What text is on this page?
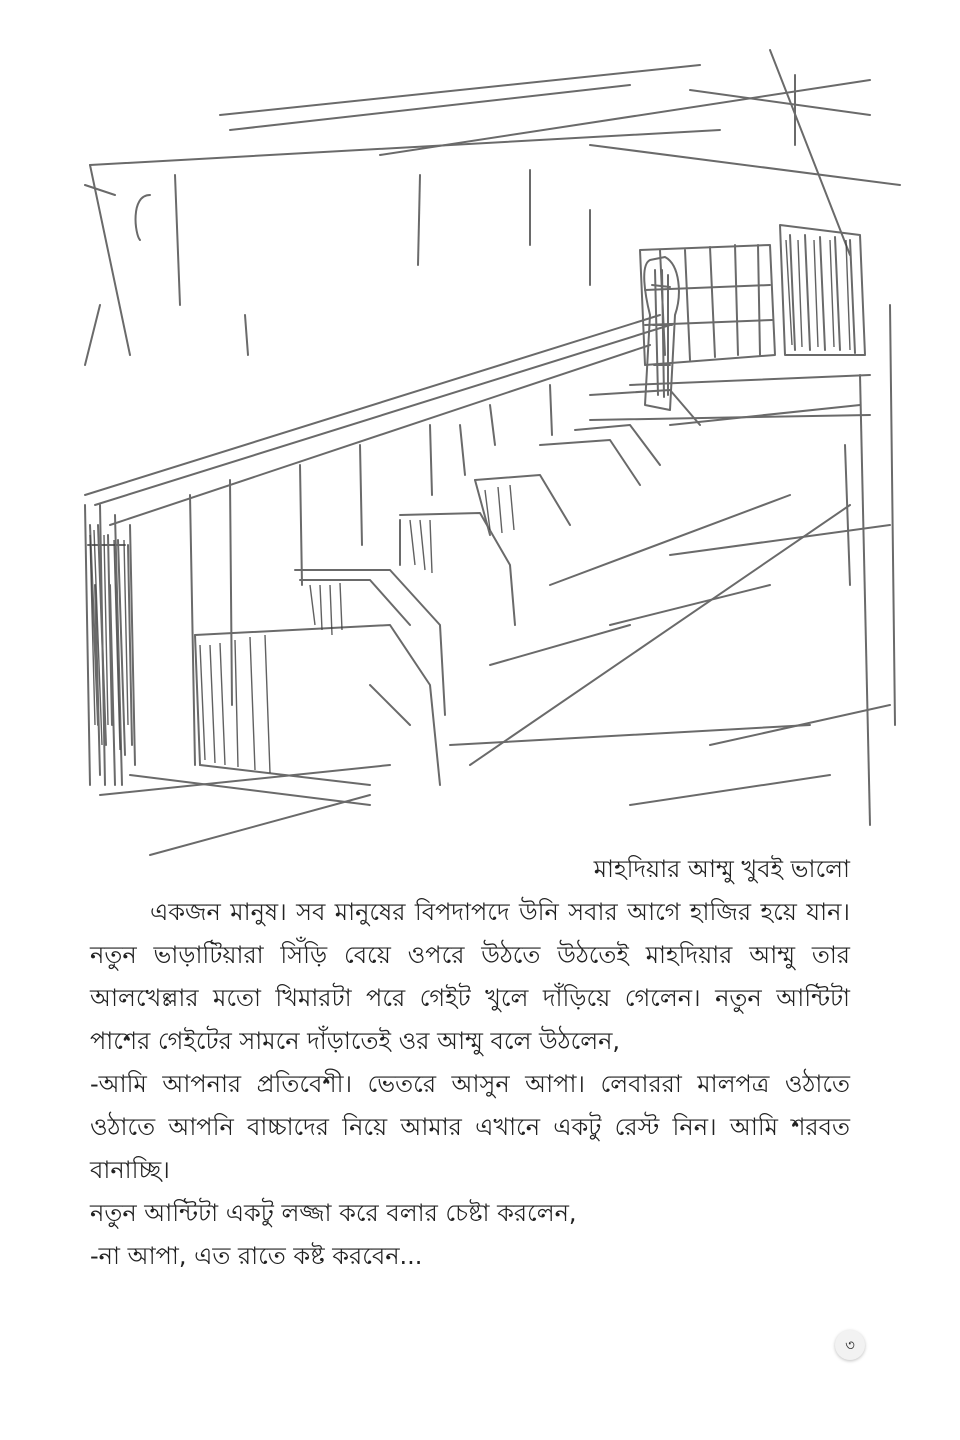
মাহদিয়ার আম্মু খুবই ভালো

একজন মানুষ। সব মানুষের বিপদাপদে উনি সবার আগে হাজির হয়ে যান। নতুন ভাড়াটিয়ারা সিঁড়ি বেয়ে ওপরে উঠতে উঠতেই মাহদিয়ার আম্মু তার আলখেল্লার মতো খিমারটা পরে গেইট খুলে দাঁড়িয়ে গেলেন। নতুন আন্টিটা পাশের গেইটের সামনে দাঁড়াতেই ওর আম্মু বলে উঠলেন,

-আমি আপনার প্রতিবেশী। ভেতরে আসুন আপা। লেবাররা মালপত্র ওঠাতে ওঠাতে আপনি বাচ্চাদের নিয়ে আমার এখানে একটু রেস্ট নিন। আমি শরবত বানাচ্ছি।

নতুন আন্টিটা একটু লজ্জা করে বলার চেষ্টা করলেন,

-না আপা, এত রাতে কষ্ট করবেন...

৩
